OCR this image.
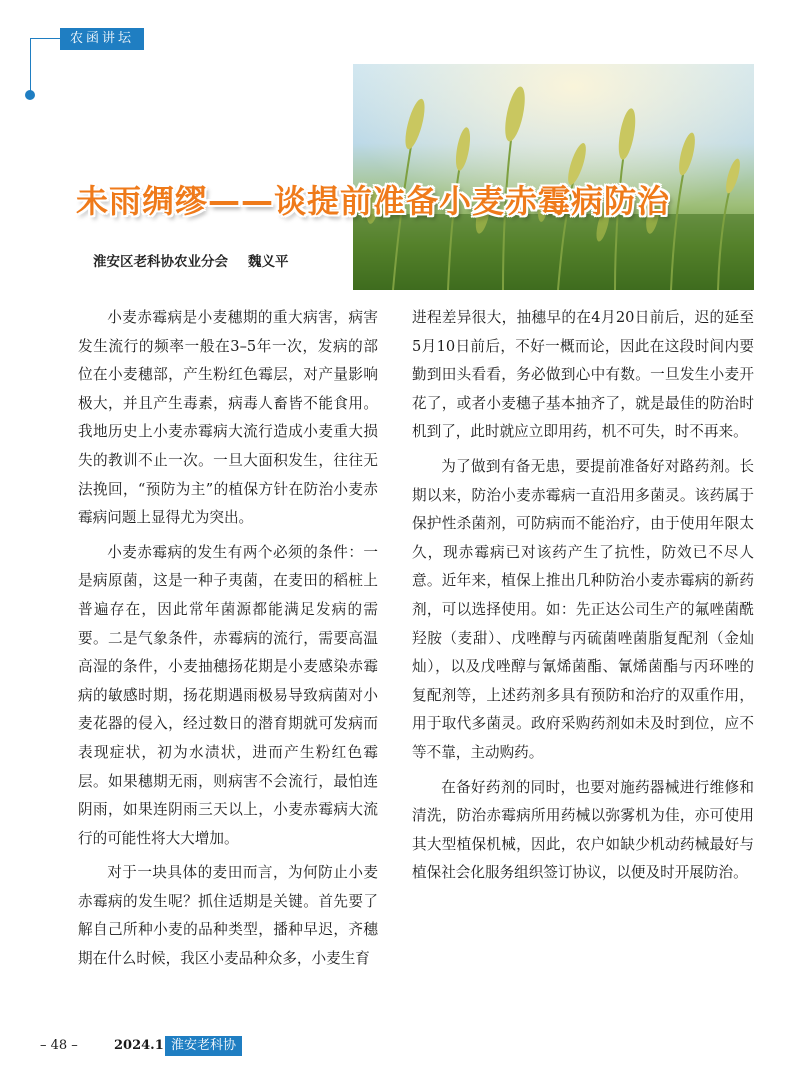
农函讲坛
未雨绸缪——谈提前准备小麦赤霉病防治
淮安区老科协农业分会 魏义平

小麦赤霉病是小麦穗期的重大病害，病害发生流行的频率一般在3–5年一次，发病的部位在小麦穗部，产生粉红色霉层，对产量影响极大，并且产生毒素，病毒人畜皆不能食用。我地历史上小麦赤霉病大流行造成小麦重大损失的教训不止一次。一旦大面积发生，往往无法挽回，“预防为主”的植保方针在防治小麦赤霉病问题上显得尤为突出。

小麦赤霉病的发生有两个必须的条件：一是病原菌，这是一种子夷菌，在麦田的稻桩上普遍存在，因此常年菌源都能满足发病的需要。二是气象条件，赤霉病的流行，需要高温高湿的条件，小麦抽穗扬花期是小麦感染赤霉病的敏感时期，扬花期遇雨极易导致病菌对小麦花器的侵入，经过数日的潜育期就可发病而表现症状，初为水渍状，进而产生粉红色霉层。如果穗期无雨，则病害不会流行，最怕连阴雨，如果连阴雨三天以上，小麦赤霉病大流行的可能性将大大增加。

对于一块具体的麦田而言，为何防止小麦赤霉病的发生呢？抓住适期是关键。首先要了解自己所种小麦的品种类型，播种早迟，齐穗期在什么时候，我区小麦品种众多，小麦生育

进程差异很大，抽穗早的在4月20日前后，迟的延至5月10日前后，不好一概而论，因此在这段时间内要勤到田头看看，务必做到心中有数。一旦发生小麦开花了，或者小麦穗子基本抽齐了，就是最佳的防治时机到了，此时就应立即用药，机不可失，时不再来。

为了做到有备无患，要提前准备好对路药剂。长期以来，防治小麦赤霉病一直沿用多菌灵。该药属于保护性杀菌剂，可防病而不能治疗，由于使用年限太久，现赤霉病已对该药产生了抗性，防效已不尽人意。近年来，植保上推出几种防治小麦赤霉病的新药剂，可以选择使用。如：先正达公司生产的氟唑菌酰羟胺（麦甜）、戊唑醇与丙硫菌唑菌脂复配剂（金灿灿），以及戊唑醇与氰烯菌酯、氰烯菌酯与丙环唑的复配剂等，上述药剂多具有预防和治疗的双重作用，用于取代多菌灵。政府采购药剂如未及时到位，应不等不靠，主动购药。

在备好药剂的同时，也要对施药器械进行维修和清洗，防治赤霉病所用药械以弥雾机为佳，亦可使用其大型植保机械，因此，农户如缺少机动药械最好与植保社会化服务组织签订协议，以便及时开展防治。

– 48 –	2024.1 淮安老科协
